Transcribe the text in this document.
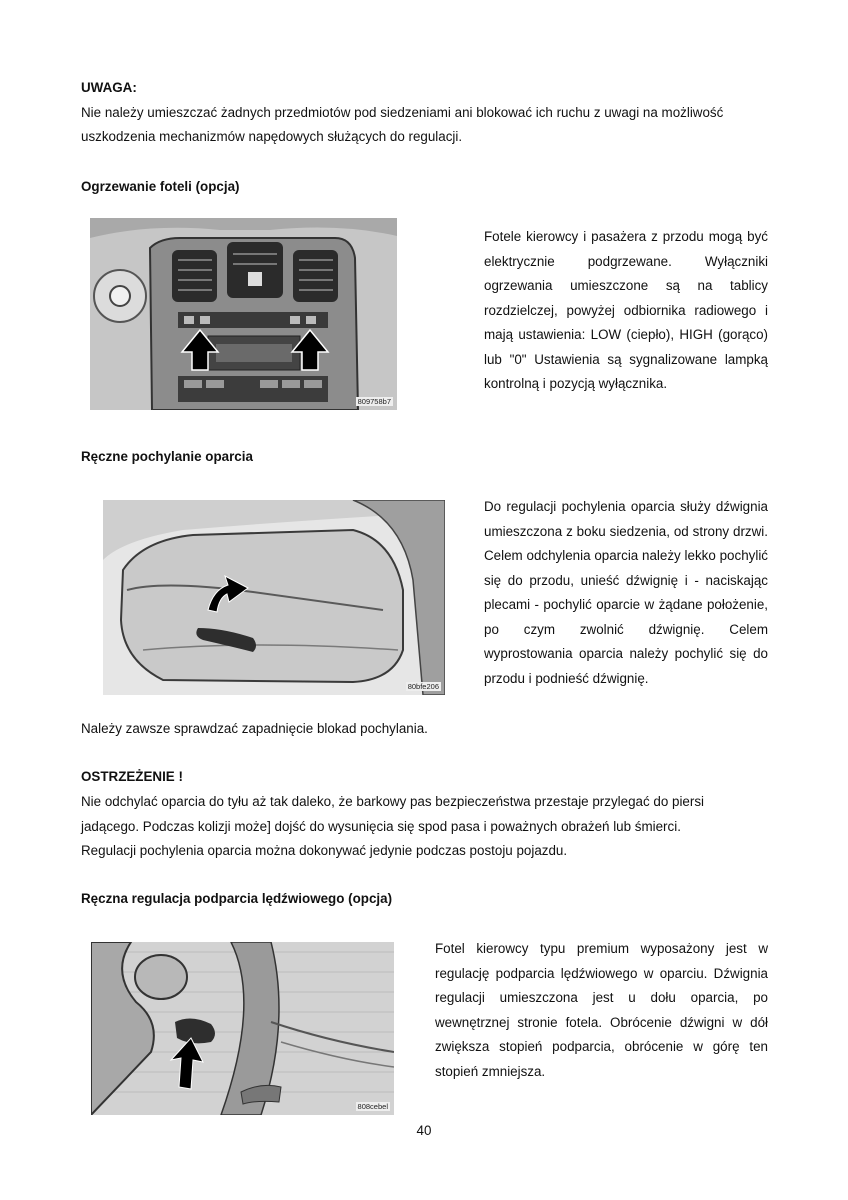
UWAGA:
Nie należy umieszczać żadnych przedmiotów pod siedzeniami ani blokować ich ruchu z uwagi na możliwość
uszkodzenia mechanizmów napędowych służących do regulacji.
Ogrzewanie foteli (opcja)
809758b7
Fotele kierowcy i pasażera z przodu mogą być elektrycznie podgrzewane. Wyłączniki ogrzewania umieszczone są na tablicy rozdzielczej, powyżej odbiornika radiowego i mają ustawienia: LOW (ciepło), HIGH (gorąco) lub "0" Ustawienia są sygnalizowane lampką kontrolną i pozycją wyłącznika.
Ręczne pochylanie oparcia
80bfe206
Do regulacji pochylenia oparcia służy dźwignia umieszczona z boku siedzenia, od strony drzwi. Celem odchylenia oparcia należy lekko pochylić się do przodu, unieść dźwignię i - naciskając plecami - pochylić oparcie w żądane położenie, po czym zwolnić dźwignię. Celem wyprostowania oparcia należy pochylić się do przodu i podnieść dźwignię.
Należy zawsze sprawdzać zapadnięcie blokad pochylania.
OSTRZEŻENIE !
Nie odchylać oparcia do tyłu aż tak daleko, że barkowy pas bezpieczeństwa przestaje przylegać do piersi
jadącego. Podczas kolizji może] dojść do wysunięcia się spod pasa i poważnych obrażeń lub śmierci.
Regulacji pochylenia oparcia można dokonywać jedynie podczas postoju pojazdu.
Ręczna regulacja podparcia lędźwiowego (opcja)
808cebel
Fotel kierowcy typu premium wyposażony jest w regulację podparcia lędźwiowego w oparciu. Dźwignia regulacji umieszczona jest u dołu oparcia, po wewnętrznej stronie fotela. Obrócenie dźwigni w dół zwiększa stopień podparcia, obrócenie w górę ten stopień zmniejsza.
40
